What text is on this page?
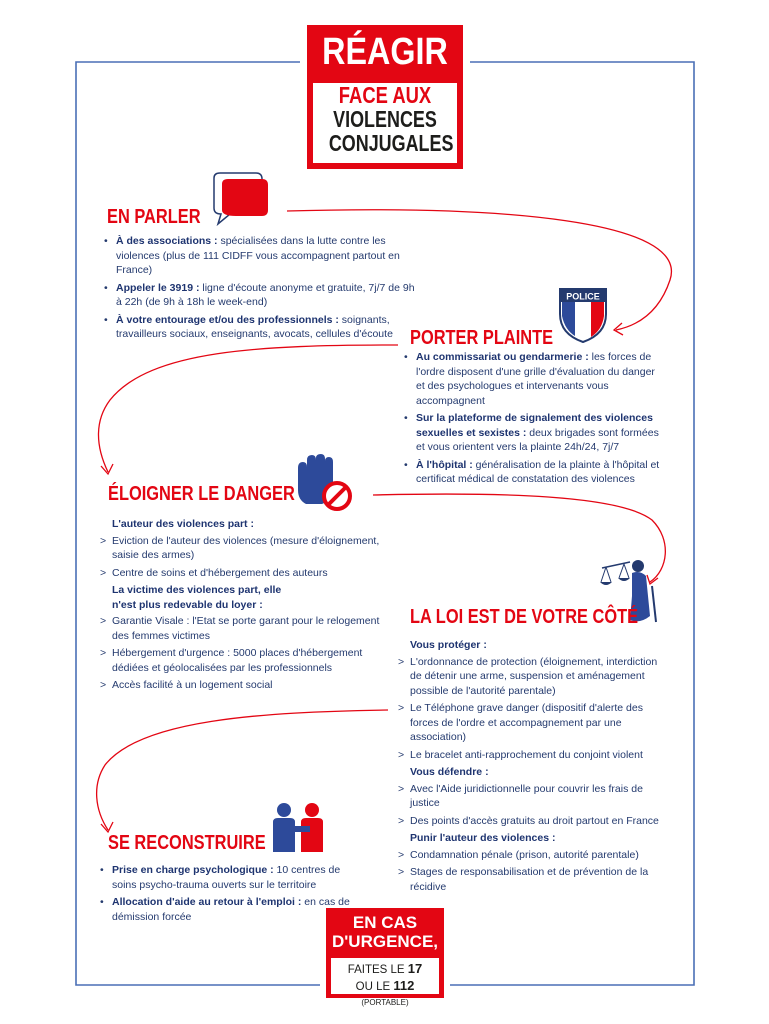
RÉAGIR
FACE AUX
VIOLENCES
CONJUGALES
EN PARLER
• À des associations : spécialisées dans la lutte contre les violences (plus de 111 CIDFF vous accompagnent partout en France)
• Appeler le 3919 : ligne d'écoute anonyme et gratuite, 7j/7 de 9h à 22h (de 9h à 18h le week-end)
• À votre entourage et/ou des professionnels : soignants, travailleurs sociaux, enseignants, avocats, cellules d'écoute
POLICE
PORTER PLAINTE
• Au commissariat ou gendarmerie : les forces de l'ordre disposent d'une grille d'évaluation du danger et des psychologues et intervenants vous accompagnent
• Sur la plateforme de signalement des violences sexuelles et sexistes : deux brigades sont formées et vous orientent vers la plainte 24h/24, 7j/7
• À l'hôpital : généralisation de la plainte à l'hôpital et certificat médical de constatation des violences
ÉLOIGNER LE DANGER
L'auteur des violences part :
> Eviction de l'auteur des violences (mesure d'éloignement, saisie des armes)
> Centre de soins et d'hébergement des auteurs
La victime des violences part, elle n'est plus redevable du loyer :
> Garantie Visale : l'Etat se porte garant pour le relogement des femmes victimes
> Hébergement d'urgence : 5000 places d'hébergement dédiées et géolocalisées par les professionnels
> Accès facilité à un logement social
LA LOI EST DE VOTRE CÔTÉ
Vous protéger :
> L'ordonnance de protection (éloignement, interdiction de détenir une arme, suspension et aménagement possible de l'autorité parentale)
> Le Téléphone grave danger (dispositif d'alerte des forces de l'ordre et accompagnement par une association)
> Le bracelet anti-rapprochement du conjoint violent
Vous défendre :
> Avec l'Aide juridictionnelle pour couvrir les frais de justice
> Des points d'accès gratuits au droit partout en France
Punir l'auteur des violences :
> Condamnation pénale (prison, autorité parentale)
> Stages de responsabilisation et de prévention de la récidive
SE RECONSTRUIRE
• Prise en charge psychologique : 10 centres de soins psycho-trauma ouverts sur le territoire
• Allocation d'aide au retour à l'emploi : en cas de démission forcée	EN CAS
D'URGENCE,
FAITES LE 17
OU LE 112 (PORTABLE)
